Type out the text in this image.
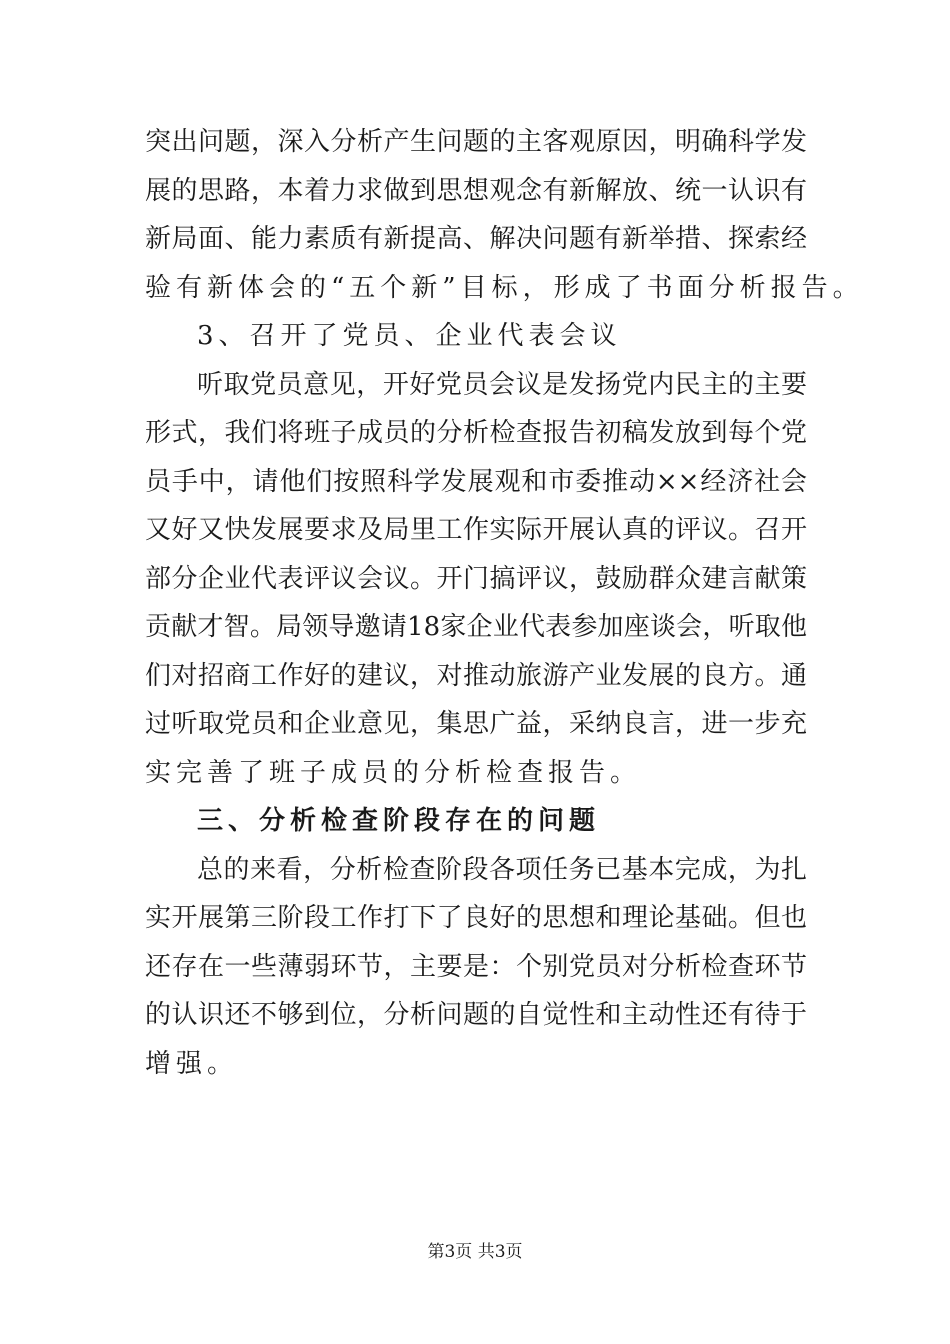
突出问题，深入分析产生问题的主客观原因，明确科学发
展的思路，本着力求做到思想观念有新解放、统一认识有
新局面、能力素质有新提高、解决问题有新举措、探索经
验有新体会的“五个新”目标，形成了书面分析报告。
3、召开了党员、企业代表会议
听取党员意见，开好党员会议是发扬党内民主的主要
形式，我们将班子成员的分析检查报告初稿发放到每个党
员手中，请他们按照科学发展观和市委推动××经济社会
又好又快发展要求及局里工作实际开展认真的评议。召开
部分企业代表评议会议。开门搞评议，鼓励群众建言献策
贡献才智。局领导邀请18家企业代表参加座谈会，听取他
们对招商工作好的建议，对推动旅游产业发展的良方。通
过听取党员和企业意见，集思广益，采纳良言，进一步充
实完善了班子成员的分析检查报告。
三、分析检查阶段存在的问题
总的来看，分析检查阶段各项任务已基本完成，为扎
实开展第三阶段工作打下了良好的思想和理论基础。但也
还存在一些薄弱环节，主要是：个别党员对分析检查环节
的认识还不够到位，分析问题的自觉性和主动性还有待于
增强。
第3页 共3页
